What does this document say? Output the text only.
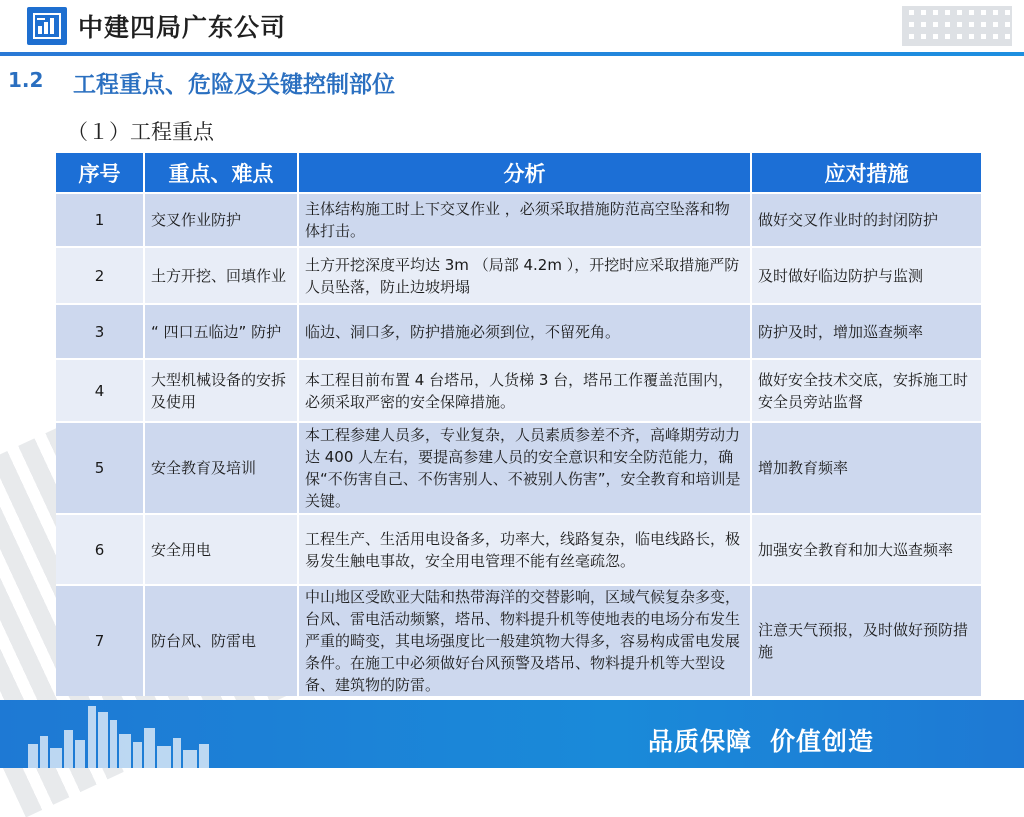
中建四局广东公司
1.2 工程重点、危险及关键控制部位
（１）工程重点
序号	重点、难点	分析	应对措施
1	交叉作业防护	主体结构施工时上下交叉作业 ，必须采取措施防范高空坠落和物体打击。	做好交叉作业时的封闭防护
2	土方开挖、回填作业	土方开挖深度平均达 3m （局部 4.2m ），开挖时应采取措施严防人员坠落，防止边坡坍塌	及时做好临边防护与监测
3	“ 四口五临边” 防护	临边、洞口多，防护措施必须到位，不留死角。	防护及时，增加巡查频率
4	大型机械设备的安拆及使用	本工程目前布置 4 台塔吊，人货梯 3 台，塔吊工作覆盖范围内，必须采取严密的安全保障措施。	做好安全技术交底，安拆施工时安全员旁站监督
5	安全教育及培训	本工程参建人员多，专业复杂，人员素质参差不齐，高峰期劳动力达 400 人左右，要提高参建人员的安全意识和安全防范能力，确保“不伤害自己、不伤害别人、不被别人伤害”，安全教育和培训是关键。	增加教育频率
6	安全用电	工程生产、生活用电设备多，功率大，线路复杂，临电线路长，极易发生触电事故，安全用电管理不能有丝毫疏忽。	加强安全教育和加大巡查频率
7	防台风、防雷电	中山地区受欧亚大陆和热带海洋的交替影响，区域气候复杂多变，台风、雷电活动频繁，塔吊、物料提升机等使地表的电场分布发生严重的畸变，其电场强度比一般建筑物大得多，容易构成雷电发展条件。在施工中必须做好台风预警及塔吊、物料提升机等大型设备、建筑物的防雷。	注意天气预报，及时做好预防措施
品质保障 价值创造
